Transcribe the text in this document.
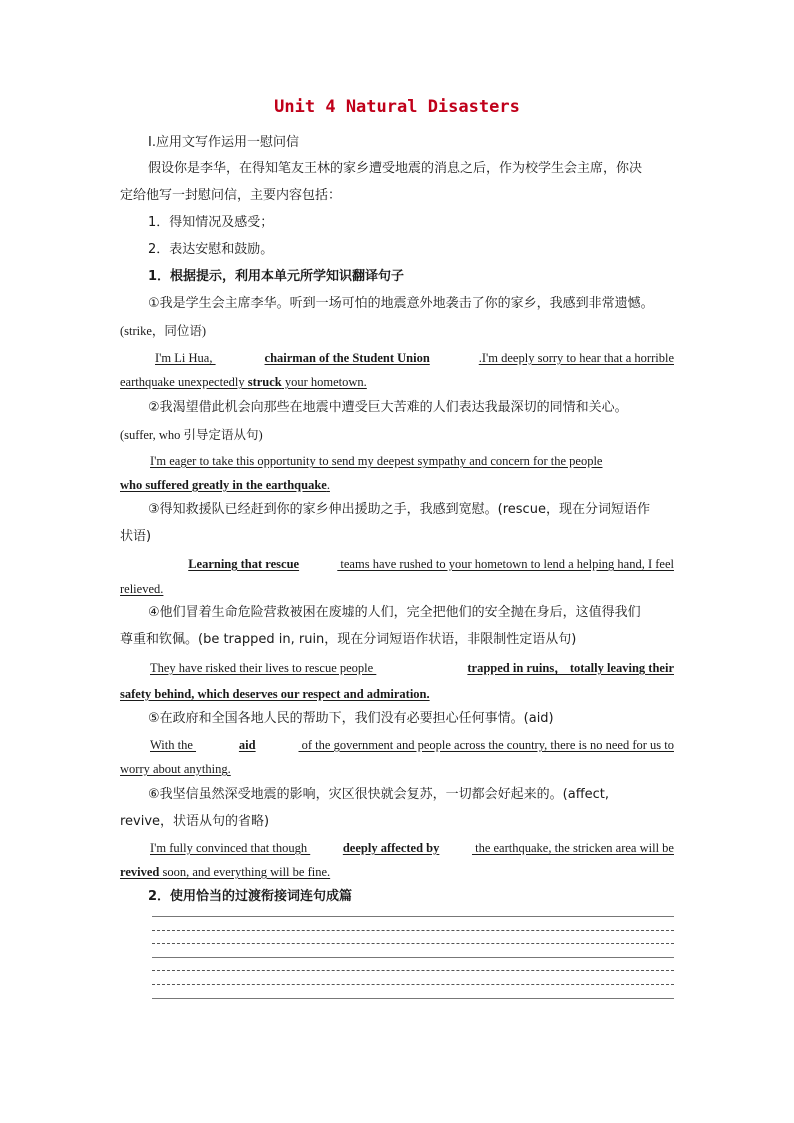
Unit 4 Natural Disasters
Ⅰ.应用文写作运用一慰问信
假设你是李华，在得知笔友王林的家乡遭受地震的消息之后，作为校学生会主席，你决
定给他写一封慰问信，主要内容包括：
1．得知情况及感受；
2．表达安慰和鼓励。
1．根据提示，利用本单元所学知识翻译句子
①我是学生会主席李华。听到一场可怕的地震意外地袭击了你的家乡，我感到非常遗憾。
(strike，同位语)
I'm Li Hua,	chairman of the Student Union	.I'm deeply sorry to hear that a horrible
earthquake unexpectedly struck your hometown.
②我渴望借此机会向那些在地震中遭受巨大苦难的人们表达我最深切的同情和关心。
(suffer, who 引导定语从句)
I'm eager to take this opportunity to send my deepest sympathy and concern for the people
who suffered greatly in the earthquake .
③得知救援队已经赶到你的家乡伸出援助之手，我感到宽慰。(rescue，现在分词短语作
状语)
Learning that rescue	teams have rushed to your hometown to lend a helping hand, I feel
relieved.
④他们冒着生命危险营救被困在废墟的人们，完全把他们的安全抛在身后，这值得我们
尊重和钦佩。(be trapped in, ruin，现在分词短语作状语，非限制性定语从句)
They have risked their lives to rescue people	trapped in ruins， totally leaving their
safety behind, which deserves our respect and admiration.
⑤在政府和全国各地人民的帮助下，我们没有必要担心任何事情。(aid)
With the	aid	of the government and people across the country, there is no need for us to
worry about anything.
⑥我坚信虽然深受地震的影响，灾区很快就会复苏，一切都会好起来的。(affect,
revive，状语从句的省略)
I'm fully convinced that though	deeply affected by	the earthquake, the stricken area will be
revived soon, and everything will be fine.
2．使用恰当的过渡衔接词连句成篇
